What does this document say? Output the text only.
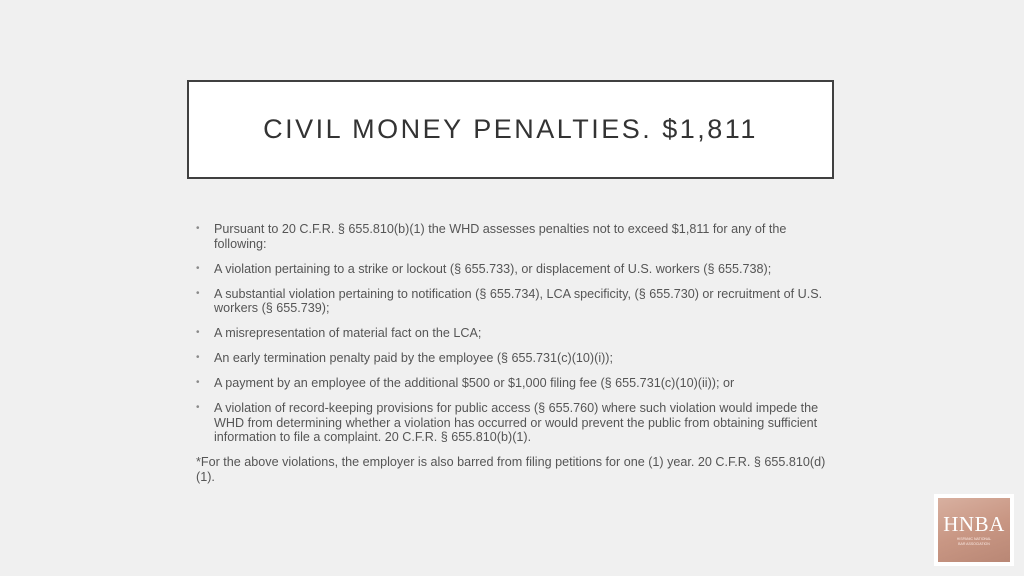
CIVIL MONEY PENALTIES. $1,811
• Pursuant to 20 C.F.R. § 655.810(b)(1) the WHD assesses penalties not to exceed $1,811 for any of the following:
• A violation pertaining to a strike or lockout (§ 655.733), or displacement of U.S. workers (§ 655.738);
• A substantial violation pertaining to notification (§ 655.734), LCA specificity, (§ 655.730) or recruitment of U.S. workers (§ 655.739);
• A misrepresentation of material fact on the LCA;
• An early termination penalty paid by the employee (§ 655.731(c)(10)(i));
• A payment by an employee of the additional $500 or $1,000 filing fee (§ 655.731(c)(10)(ii)); or
• A violation of record-keeping provisions for public access (§ 655.760) where such violation would impede the WHD from determining whether a violation has occurred or would prevent the public from obtaining sufficient information to file a complaint. 20 C.F.R. § 655.810(b)(1).
*For the above violations, the employer is also barred from filing petitions for one (1) year. 20 C.F.R. § 655.810(d)(1).
HNBA
HISPANIC NATIONAL
BAR ASSOCIATION
